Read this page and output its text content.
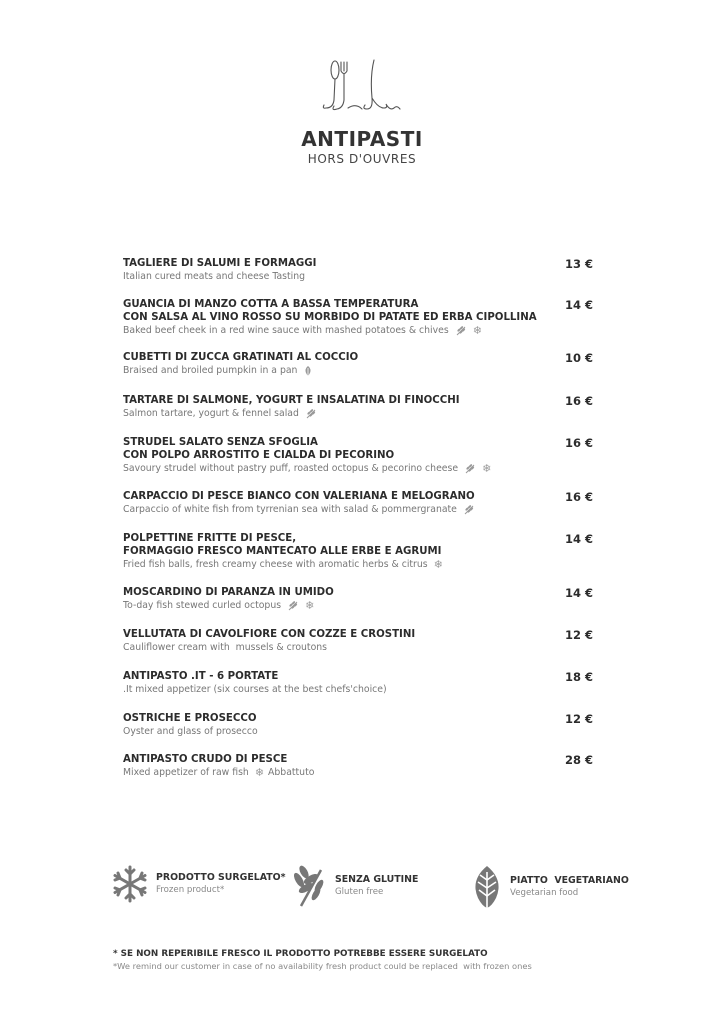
ANTIPASTI
HORS D'OUVRES
TAGLIERE DI SALUMI E FORMAGGI
Italian cured meats and cheese Tasting
13 €
GUANCIA DI MANZO COTTA A BASSA TEMPERATURA
CON SALSA AL VINO ROSSO SU MORBIDO DI PATATE ED ERBA CIPOLLINA
Baked beef cheek in a red wine sauce with mashed potatoes & chives ❄
14 €
CUBETTI DI ZUCCA GRATINATI AL COCCIO
Braised and broiled pumpkin in a pan
10 €
TARTARE DI SALMONE, YOGURT E INSALATINA DI FINOCCHI
Salmon tartare, yogurt & fennel salad
16 €
STRUDEL SALATO SENZA SFOGLIA
CON POLPO ARROSTITO E CIALDA DI PECORINO
Savoury strudel without pastry puff, roasted octopus & pecorino cheese ❄
16 €
CARPACCIO DI PESCE BIANCO CON VALERIANA E MELOGRANO
Carpaccio of white fish from tyrrenian sea with salad & pommergranate
16 €
POLPETTINE FRITTE DI PESCE,
FORMAGGIO FRESCO MANTECATO ALLE ERBE E AGRUMI
Fried fish balls, fresh creamy cheese with aromatic herbs & citrus ❄
14 €
MOSCARDINO DI PARANZA IN UMIDO
To-day fish stewed curled octopus ❄
14 €
VELLUTATA DI CAVOLFIORE CON COZZE E CROSTINI
Cauliflower cream with  mussels & croutons
12 €
ANTIPASTO .IT - 6 PORTATE
.It mixed appetizer (six courses at the best chefs'choice)
18 €
OSTRICHE E PROSECCO
Oyster and glass of prosecco
12 €
ANTIPASTO CRUDO DI PESCE
Mixed appetizer of raw fish ❄ Abbattuto
28 €
PRODOTTO SURGELATO*
Frozen product*
SENZA GLUTINE
Gluten free
PIATTO  VEGETARIANO
Vegetarian food
* SE NON REPERIBILE FRESCO IL PRODOTTO POTREBBE ESSERE SURGELATO
*We remind our customer in case of no availability fresh product could be replaced  with frozen ones
